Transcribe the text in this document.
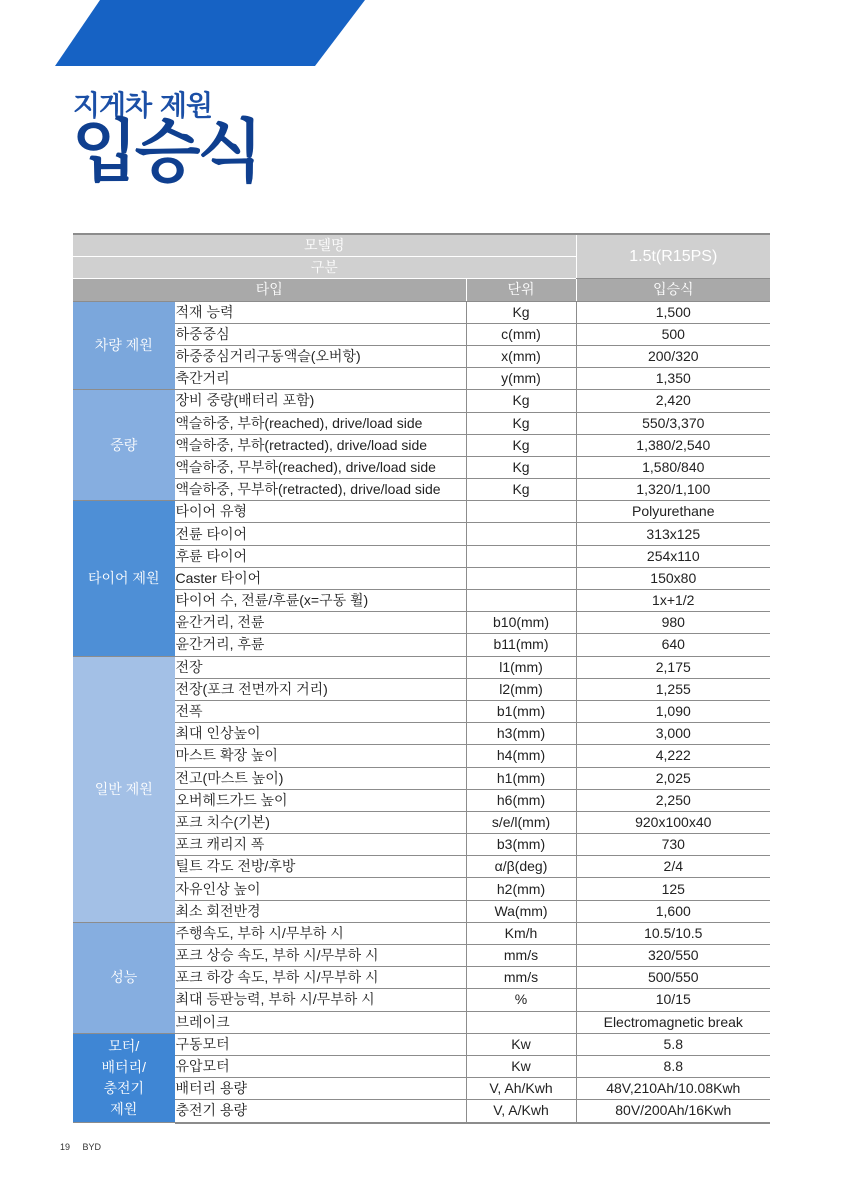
지게차 제원
입승식
모델명			1.5t(R15PS)
구분			
타입		단위	입승식
차량 제원	적재 능력	Kg	1,500
	하중중심	c(mm)	500
	하중중심거리구동액슬(오버항)	x(mm)	200/320
	축간거리	y(mm)	1,350
중량	장비 중량(배터리 포함)	Kg	2,420
	액슬하중, 부하(reached), drive/load side	Kg	550/3,370
	액슬하중, 부하(retracted), drive/load side	Kg	1,380/2,540
	액슬하중, 무부하(reached), drive/load side	Kg	1,580/840
	액슬하중, 무부하(retracted), drive/load side	Kg	1,320/1,100
타이어 제원	타이어 유형		Polyurethane
	전륜 타이어		313x125
	후륜 타이어		254x110
	Caster 타이어		150x80
	타이어 수, 전륜/후륜(x=구동 휠)		1x+1/2
	윤간거리, 전륜	b10(mm)	980
	윤간거리, 후륜	b11(mm)	640
일반 제원	전장	l1(mm)	2,175
	전장(포크 전면까지 거리)	l2(mm)	1,255
	전폭	b1(mm)	1,090
	최대 인상높이	h3(mm)	3,000
	마스트 확장 높이	h4(mm)	4,222
	전고(마스트 높이)	h1(mm)	2,025
	오버헤드가드 높이	h6(mm)	2,250
	포크 치수(기본)	s/e/l(mm)	920x100x40
	포크 캐리지 폭	b3(mm)	730
	틸트 각도 전방/후방	α/β(deg)	2/4
	자유인상 높이	h2(mm)	125
	최소 회전반경	Wa(mm)	1,600
성능	주행속도, 부하 시/무부하 시	Km/h	10.5/10.5
	포크 상승 속도, 부하 시/무부하 시	mm/s	320/550
	포크 하강 속도, 부하 시/무부하 시	mm/s	500/550
	최대 등판능력, 부하 시/무부하 시	%	10/15
	브레이크		Electromagnetic break
모터/
배터리/
충전기
제원	구동모터	Kw	5.8
	유압모터	Kw	8.8
	배터리 용량	V, Ah/Kwh	48V,210Ah/10.08Kwh
	충전기 용량	V, A/Kwh	80V/200Ah/16Kwh
19 BYD
